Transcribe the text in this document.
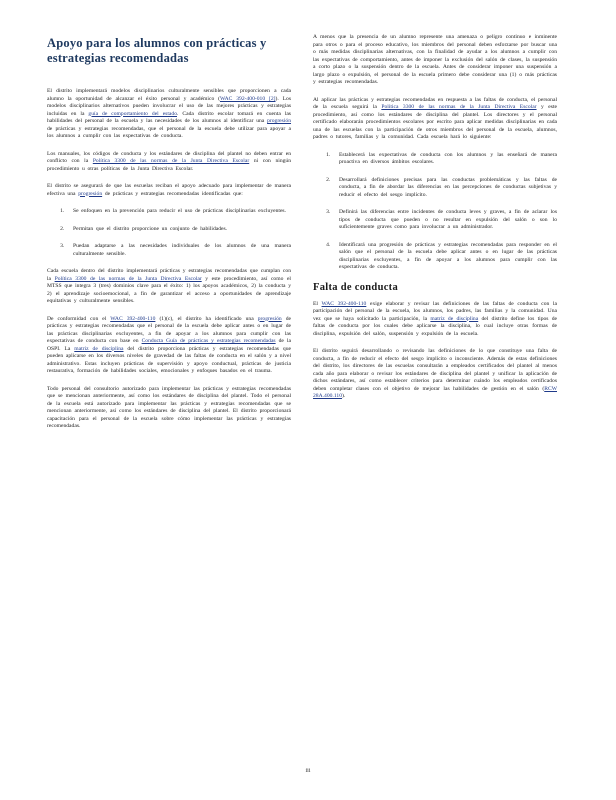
Apoyo para los alumnos con prácticas y estrategias recomendadas

El distrito implementará modelos disciplinarios culturalmente sensibles que proporcionen a cada alumno la oportunidad de alcanzar el éxito personal y académico (WAC 392-400-010 [2]). Los modelos disciplinarios alternativos pueden involucrar el uso de las mejores prácticas y estrategias incluidas en la guía de comportamiento del estado. Cada distrito escolar tomará en cuenta las habilidades del personal de la escuela y las necesidades de los alumnos al identificar una progresión de prácticas y estrategias recomendadas, que el personal de la escuela debe utilizar para apoyar a los alumnos a cumplir con las expectativas de conducta.

Los manuales, los códigos de conducta y los estándares de disciplina del plantel no deben entrar en conflicto con la Política 3300 de las normas de la Junta Directiva Escolar ni con ningún procedimiento u otras políticas de la Junta Directiva Escolar.

El distrito se asegurará de que las escuelas reciban el apoyo adecuado para implementar de manera efectiva una progresión de prácticas y estrategias recomendadas identificadas que:

1. Se enfoquen en la prevención para reducir el uso de prácticas disciplinarias excluyentes.
2. Permitan que el distrito proporcione un conjunto de habilidades.
3. Puedan adaptarse a las necesidades individuales de los alumnos de una manera culturalmente sensible.

Cada escuela dentro del distrito implementará prácticas y estrategias recomendadas que cumplan con la Política 3300 de las normas de la Junta Directiva Escolar y este procedimiento, así como el MTSS que integra 3 (tres) dominios clave para el éxito: 1) los apoyos académicos, 2) la conducta y 2) el aprendizaje socioemocional, a fin de garantizar el acceso a oportunidades de aprendizaje equitativas y culturalmente sensibles.

De conformidad con el WAC 392-400-110 (1)(c), el distrito ha identificado una progresión de prácticas y estrategias recomendadas que el personal de la escuela debe aplicar antes o en lugar de las prácticas disciplinarias excluyentes, a fin de apoyar a los alumnos para cumplir con las expectativas de conducta con base en Conducta Guía de prácticas y estrategias recomendadas de la OSPI. La matriz de disciplina del distrito proporciona prácticas y estrategias recomendadas que pueden aplicarse en los diversos niveles de gravedad de las faltas de conducta en el salón y a nivel administrativo. Estas incluyen prácticas de supervisión y apoyo conductual, prácticas de justicia restaurativa, formación de habilidades sociales, emocionales y enfoques basados en el trauma.

Todo personal del consultorio autorizado para implementar las prácticas y estrategias recomendadas que se mencionan anteriormente, así como los estándares de disciplina del plantel. Todo el personal de la escuela está autorizado para implementar las prácticas y estrategias recomendadas que se mencionan anteriormente, así como los estándares de disciplina del plantel. El distrito proporcionará capacitación para el personal de la escuela sobre cómo implementar las prácticas y estrategias recomendadas.

A menos que la presencia de un alumno represente una amenaza o peligro continuo e inminente para otros o para el proceso educativo, los miembros del personal deben esforzarse por buscar una o más medidas disciplinarias alternativas, con la finalidad de ayudar a los alumnos a cumplir con las expectativas de comportamiento, antes de imponer la exclusión del salón de clases, la suspensión a corto plazo o la suspensión dentro de la escuela. Antes de considerar imponer una suspensión a largo plazo o expulsión, el personal de la escuela primero debe considerar una (1) o más prácticas y estrategias recomendadas.

Al aplicar las prácticas y estrategias recomendadas en respuesta a las faltas de conducta, el personal de la escuela seguirá la Política 3300 de las normas de la Junta Directiva Escolar y este procedimiento, así como los estándares de disciplina del plantel. Los directores y el personal certificado elaborarán procedimientos escolares por escrito para aplicar medidas disciplinarias en cada una de las escuelas con la participación de otros miembros del personal de la escuela, alumnos, padres o tutores, familias y la comunidad. Cada escuela hará lo siguiente:

1. Establecerá las expectativas de conducta con los alumnos y las enseñará de manera proactiva en diversos ámbitos escolares.
2. Desarrollará definiciones precisas para las conductas problemáticas y las faltas de conducta, a fin de abordar las diferencias en las percepciones de conductas subjetivas y reducir el efecto del sesgo implícito.
3. Definirá las diferencias entre incidentes de conducta leves y graves, a fin de aclarar los tipos de conducta que pueden o no resultar en expulsión del salón o son lo suficientemente graves como para involucrar a un administrador.
4. Identificará una progresión de prácticas y estrategias recomendadas para responder en el salón que el personal de la escuela debe aplicar antes o en lugar de las prácticas disciplinarias excluyentes, a fin de apoyar a los alumnos para cumplir con las expectativas de conducta.
Falta de conducta

El WAC 392-400-110 exige elaborar y revisar las definiciones de las faltas de conducta con la participación del personal de la escuela, los alumnos, los padres, las familias y la comunidad. Una vez que se haya solicitado la participación, la matriz de disciplina del distrito define los tipos de faltas de conducta por los cuales debe aplicarse la disciplina, lo cual incluye otras formas de disciplina, expulsión del salón, suspensión y expulsión de la escuela.

El distrito seguirá desarrollando o revisando las definiciones de lo que constituye una falta de conducta, a fin de reducir el efecto del sesgo implícito o inconsciente. Además de estas definiciones del distrito, los directores de las escuelas consultarán a empleados certificados del plantel al menos cada año para elaborar o revisar los estándares de disciplina del plantel y unificar la aplicación de dichos estándares, así como establecer criterios para determinar cuándo los empleados certificados deben completar clases con el objetivo de mejorar las habilidades de gestión en el salón (RCW 28A.400.110).

iii
